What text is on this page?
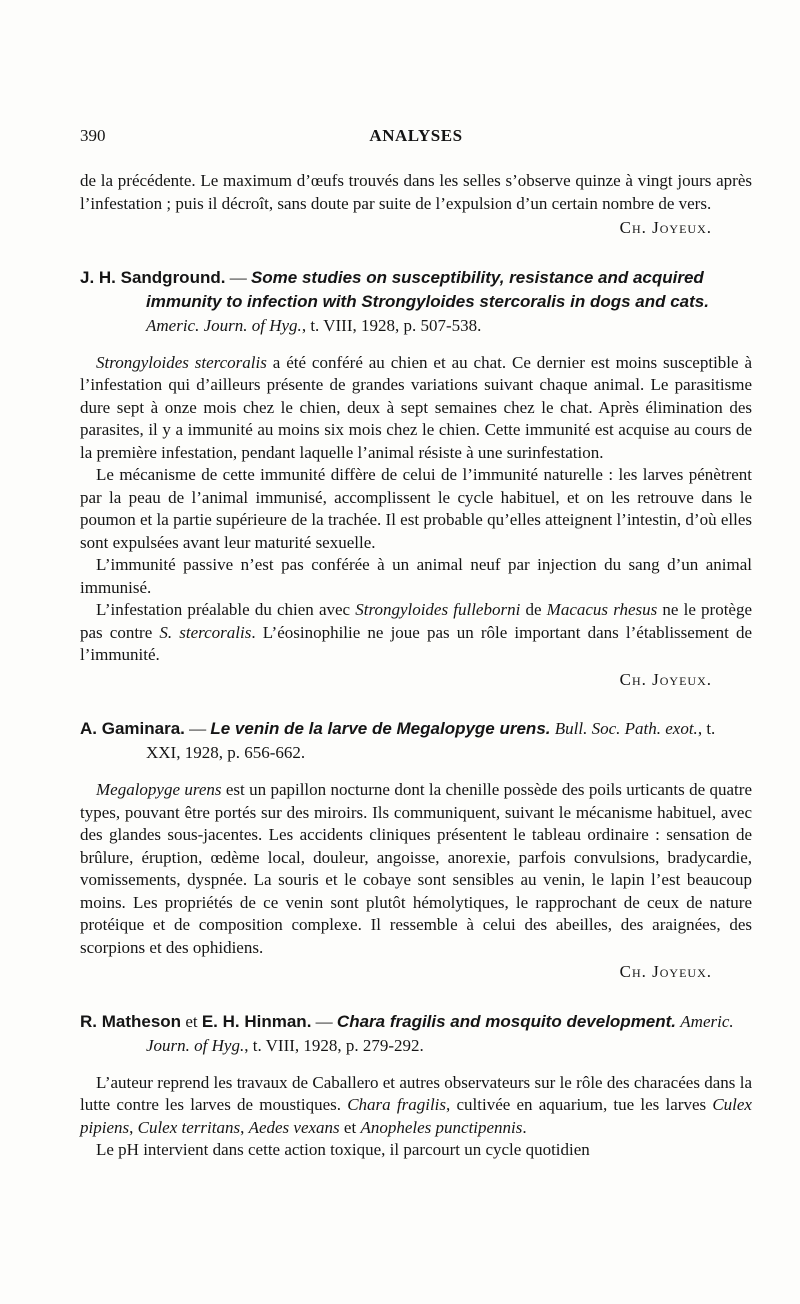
390	ANALYSES

de la précédente. Le maximum d’œufs trouvés dans les selles s’observe quinze à vingt jours après l’infestation ; puis il décroît, sans doute par suite de l’expulsion d’un certain nombre de vers.

Ch. Joyeux.

J. H. Sandground. — Some studies on susceptibility, resistance and acquired immunity to infection with Strongyloides stercoralis in dogs and cats. Americ. Journ. of Hyg., t. VIII, 1928, p. 507-538.

Strongyloides stercoralis a été conféré au chien et au chat. Ce dernier est moins susceptible à l’infestation qui d’ailleurs présente de grandes variations suivant chaque animal. Le parasitisme dure sept à onze mois chez le chien, deux à sept semaines chez le chat. Après élimination des parasites, il y a immunité au moins six mois chez le chien. Cette immunité est acquise au cours de la première infestation, pendant laquelle l’animal résiste à une surinfestation.

Le mécanisme de cette immunité diffère de celui de l’immunité naturelle : les larves pénètrent par la peau de l’animal immunisé, accomplissent le cycle habituel, et on les retrouve dans le poumon et la partie supérieure de la trachée. Il est probable qu’elles atteignent l’intestin, d’où elles sont expulsées avant leur maturité sexuelle.

L’immunité passive n’est pas conférée à un animal neuf par injection du sang d’un animal immunisé.

L’infestation préalable du chien avec Strongyloides fulleborni de Macacus rhesus ne le protège pas contre S. stercoralis. L’éosinophilie ne joue pas un rôle important dans l’établissement de l’immunité.

Ch. Joyeux.

A. Gaminara. — Le venin de la larve de Megalopyge urens. Bull. Soc. Path. exot., t. XXI, 1928, p. 656-662.

Megalopyge urens est un papillon nocturne dont la chenille possède des poils urticants de quatre types, pouvant être portés sur des miroirs. Ils communiquent, suivant le mécanisme habituel, avec des glandes sous-jacentes. Les accidents cliniques présentent le tableau ordinaire : sensation de brûlure, éruption, œdème local, douleur, angoisse, anorexie, parfois convulsions, bradycardie, vomissements, dyspnée. La souris et le cobaye sont sensibles au venin, le lapin l’est beaucoup moins. Les propriétés de ce venin sont plutôt hémolytiques, le rapprochant de ceux de nature protéique et de composition complexe. Il ressemble à celui des abeilles, des araignées, des scorpions et des ophidiens.

Ch. Joyeux.

R. Matheson et E. H. Hinman. — Chara fragilis and mosquito development. Americ. Journ. of Hyg., t. VIII, 1928, p. 279-292.

L’auteur reprend les travaux de Caballero et autres observateurs sur le rôle des characées dans la lutte contre les larves de moustiques. Chara fragilis, cultivée en aquarium, tue les larves Culex pipiens, Culex territans, Aedes vexans et Anopheles punctipennis.

Le pH intervient dans cette action toxique, il parcourt un cycle quotidien
